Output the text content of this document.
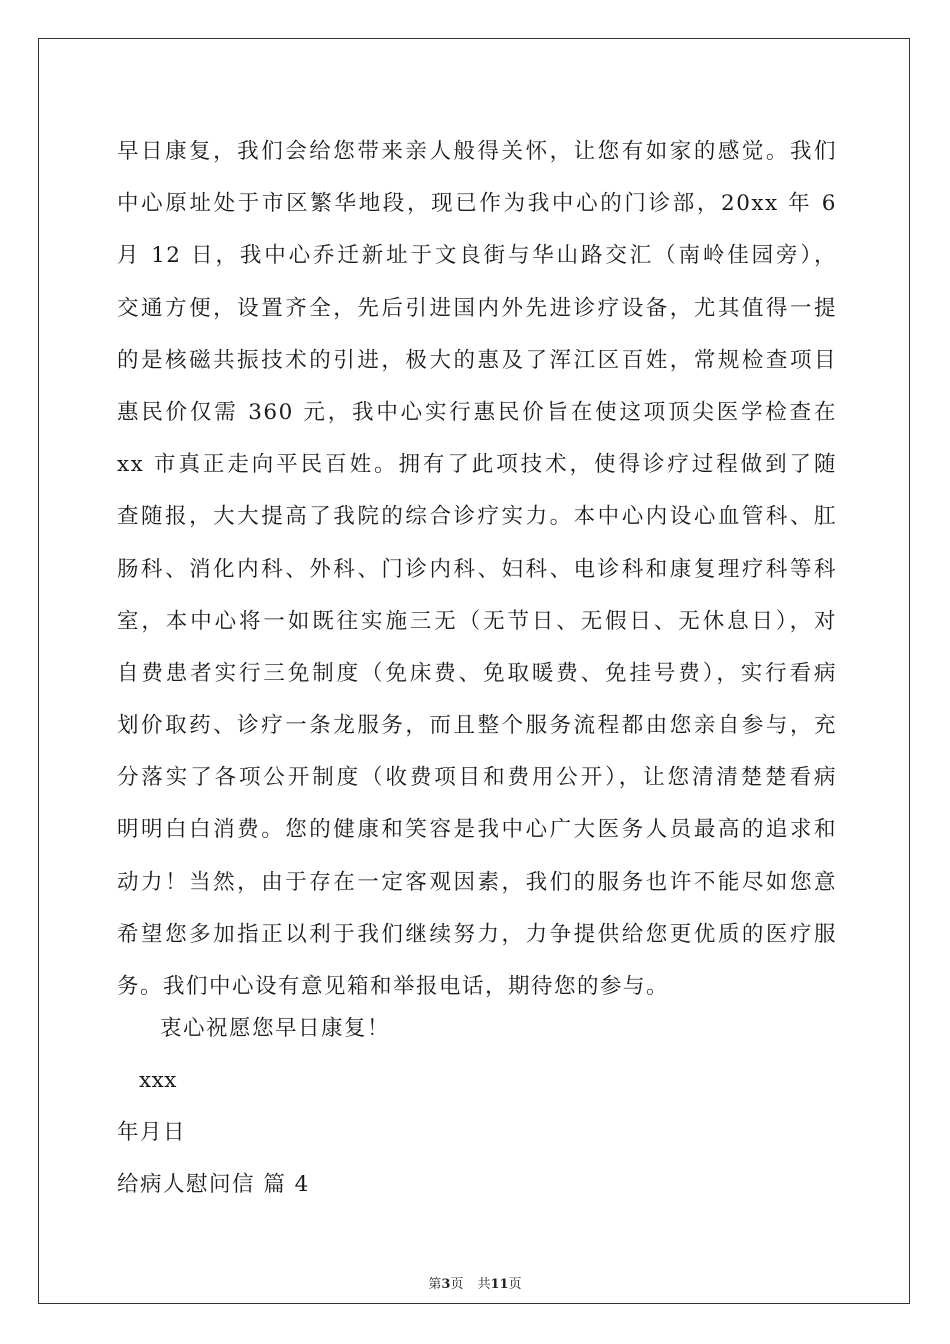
早日康复，我们会给您带来亲人般得关怀，让您有如家的感觉。我们
中心原址处于市区繁华地段，现已作为我中心的门诊部，20xx 年 6
月 12 日，我中心乔迁新址于文良街与华山路交汇（南岭佳园旁），
交通方便，设置齐全，先后引进国内外先进诊疗设备，尤其值得一提
的是核磁共振技术的引进，极大的惠及了浑江区百姓，常规检查项目
惠民价仅需 360 元，我中心实行惠民价旨在使这项顶尖医学检查在
xx 市真正走向平民百姓。拥有了此项技术，使得诊疗过程做到了随
查随报，大大提高了我院的综合诊疗实力。本中心内设心血管科、肛
肠科、消化内科、外科、门诊内科、妇科、电诊科和康复理疗科等科
室，本中心将一如既往实施三无（无节日、无假日、无休息日），对
自费患者实行三免制度（免床费、免取暖费、免挂号费），实行看病
划价取药、诊疗一条龙服务，而且整个服务流程都由您亲自参与，充
分落实了各项公开制度（收费项目和费用公开），让您清清楚楚看病
明明白白消费。您的健康和笑容是我中心广大医务人员最高的追求和
动力！当然，由于存在一定客观因素，我们的服务也许不能尽如您意
希望您多加指正以利于我们继续努力，力争提供给您更优质的医疗服
务。我们中心设有意见箱和举报电话，期待您的参与。
衷心祝愿您早日康复！
xxx
年月日
给病人慰问信 篇 4
第3页 共11页
